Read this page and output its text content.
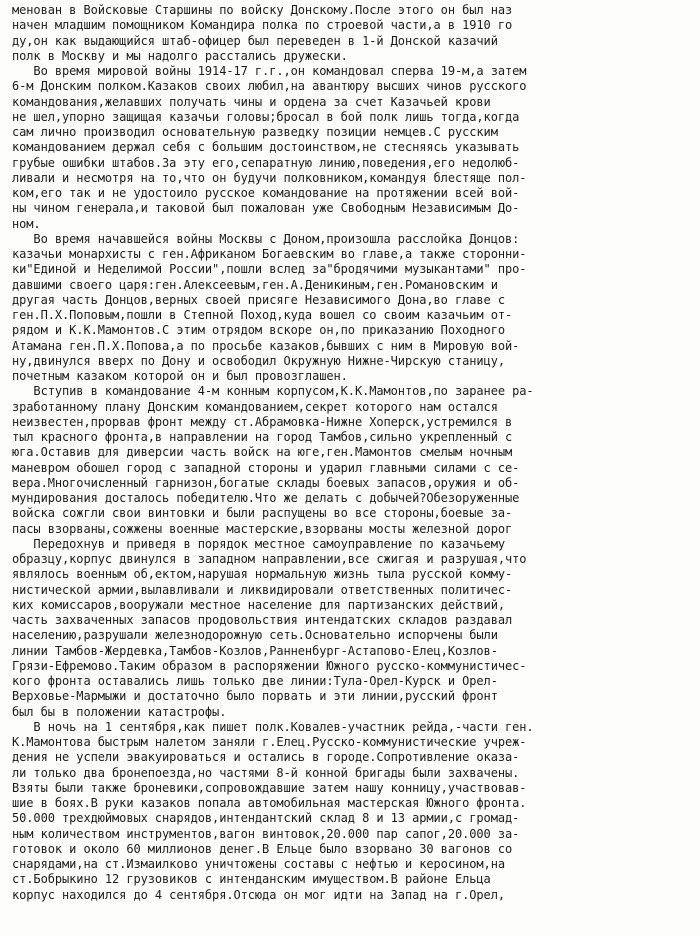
менован в Войсковые Старшины по войску Донскому.После этого он был наз
начен младшим помощником Командира полка по строевой части,а в 1910 го
ду,он как выдающийся штаб-офицер был переведен в 1-й Донской казачий
полк в Москву и мы надолго расстались дружески.
Во время мировой войны 1914-17 г.г.,он командовал сперва 19-м,а затем
6-м Донским полком.Казаков своих любил,на авантюру высших чинов русского
командования,желавших получать чины и ордена за счет Казачьей крови
не шел,упорно защищая казачьи головы;бросал в бой полк лишь тогда,когда
сам лично производил основательную разведку позиции немцев.С русским
командованием держал себя с большим достоинством,не стесняясь указывать
грубые ошибки штабов.За эту его,сепаратную линию,поведения,его недолюб-
ливали и несмотря на то,что он будучи полковником,командуя блестяще пол-
ком,его так и не удостоило русское командование на протяжении всей вой-
ны чином генерала,и таковой был пожалован уже Свободным Независимым До-
ном.
Во время начавшейся войны Москвы с Доном,произошла расслойка Донцов:
казачьи монархисты с ген.Африканом Богаевским во главе,а также сторонни-
ки"Единой и Неделимой России",пошли вслед за"бродячими музыкантами" про-
давшими своего царя:ген.Алексеевым,ген.А.Деникиным,ген.Романовским и
другая часть Донцов,верных своей присяге Независимого Дона,во главе с
ген.П.Х.Поповым,пошли в Степной Поход,куда вошел со своим казачьим от-
рядом и К.К.Мамонтов.С этим отрядом вскоре он,по приказанию Походного
Атамана ген.П.Х.Попова,а по просьбе казаков,бывших с ним в Мировую вой-
ну,двинулся вверх по Дону и освободил Окружную Нижне-Чирскую станицу,
почетным казаком которой он и был провозглашен.
Вступив в командование 4-м конным корпусом,К.К.Мамонтов,по заранее ра-
зработанному плану Донским командованием,секрет которого нам остался
неизвестен,прорвав фронт между ст.Абрамовка-Нижне Хоперск,устремился в
тыл красного фронта,в направлении на город Тамбов,сильно укрепленный с
юга.Оставив для диверсии часть войск на юге,ген.Мамонтов смелым ночным
маневром обошел город с западной стороны и ударил главными силами с се-
вера.Многочисленный гарнизон,богатые склады боевых запасов,оружия и об-
мундирования досталось победителю.Что же делать с добычей?Обезоруженные
войска сожгли свои винтовки и были распущены во все стороны,боевые за-
пасы взорваны,сожжены военные мастерские,взорваны мосты железной дорог
Передохнув и приведя в порядок местное самоуправление по казачьему
образцу,корпус двинулся в западном направлении,все сжигая и разрушая,что
являлось военным об,ектом,нарушая нормальную жизнь тыла русской комму-
нистической армии,вылавливали и ликвидировали ответственных политичес-
ких комиссаров,вооружали местное население для партизанских действий,
часть захваченных запасов продовольствия интендатских складов раздавал
населению,разрушали железнодорожную сеть.Основательно испорчены были
линии Тамбов-Жердевка,Тамбов-Козлов,Ранненбург-Астапово-Елец,Козлов-
Грязи-Ефремово.Таким образом в распоряжении Южного русско-коммунистичес-
кого фронта оставались лишь только две линии:Тула-Орел-Курск и Орел-
Верховье-Мармыжи и достаточно было порвать и эти линии,русский фронт
был бы в положении катастрофы.
В ночь на 1 сентября,как пишет полк.Ковалев-участник рейда,-части ген.
К.Мамонтова быстрым налетом заняли г.Елец.Русско-коммунистические учреж-
дения не успели эвакуироваться и остались в городе.Сопротивление оказа-
ли только два бронепоезда,но частями 8-й конной бригады были захвачены.
Взяты были также броневики,сопровождавшие затем нашу конницу,участвовав-
шие в боях.В руки казаков попала автомобильная мастерская Южного фронта.
50.000 трехдюймовых снарядов,интендантский склад 8 и 13 армии,с громад-
ным количеством инструментов,вагон винтовок,20.000 пар сапог,20.000 за-
готовок и около 60 миллионов денег.В Ельце было взорвано 30 вагонов со
снарядами,на ст.Измаилково уничтожены составы с нефтью и керосином,на
ст.Бобрыкино 12 грузовиков с интенданским имуществом.В районе Ельца
корпус находился до 4 сентября.Отсюда он мог идти на Запад на г.Орел,
